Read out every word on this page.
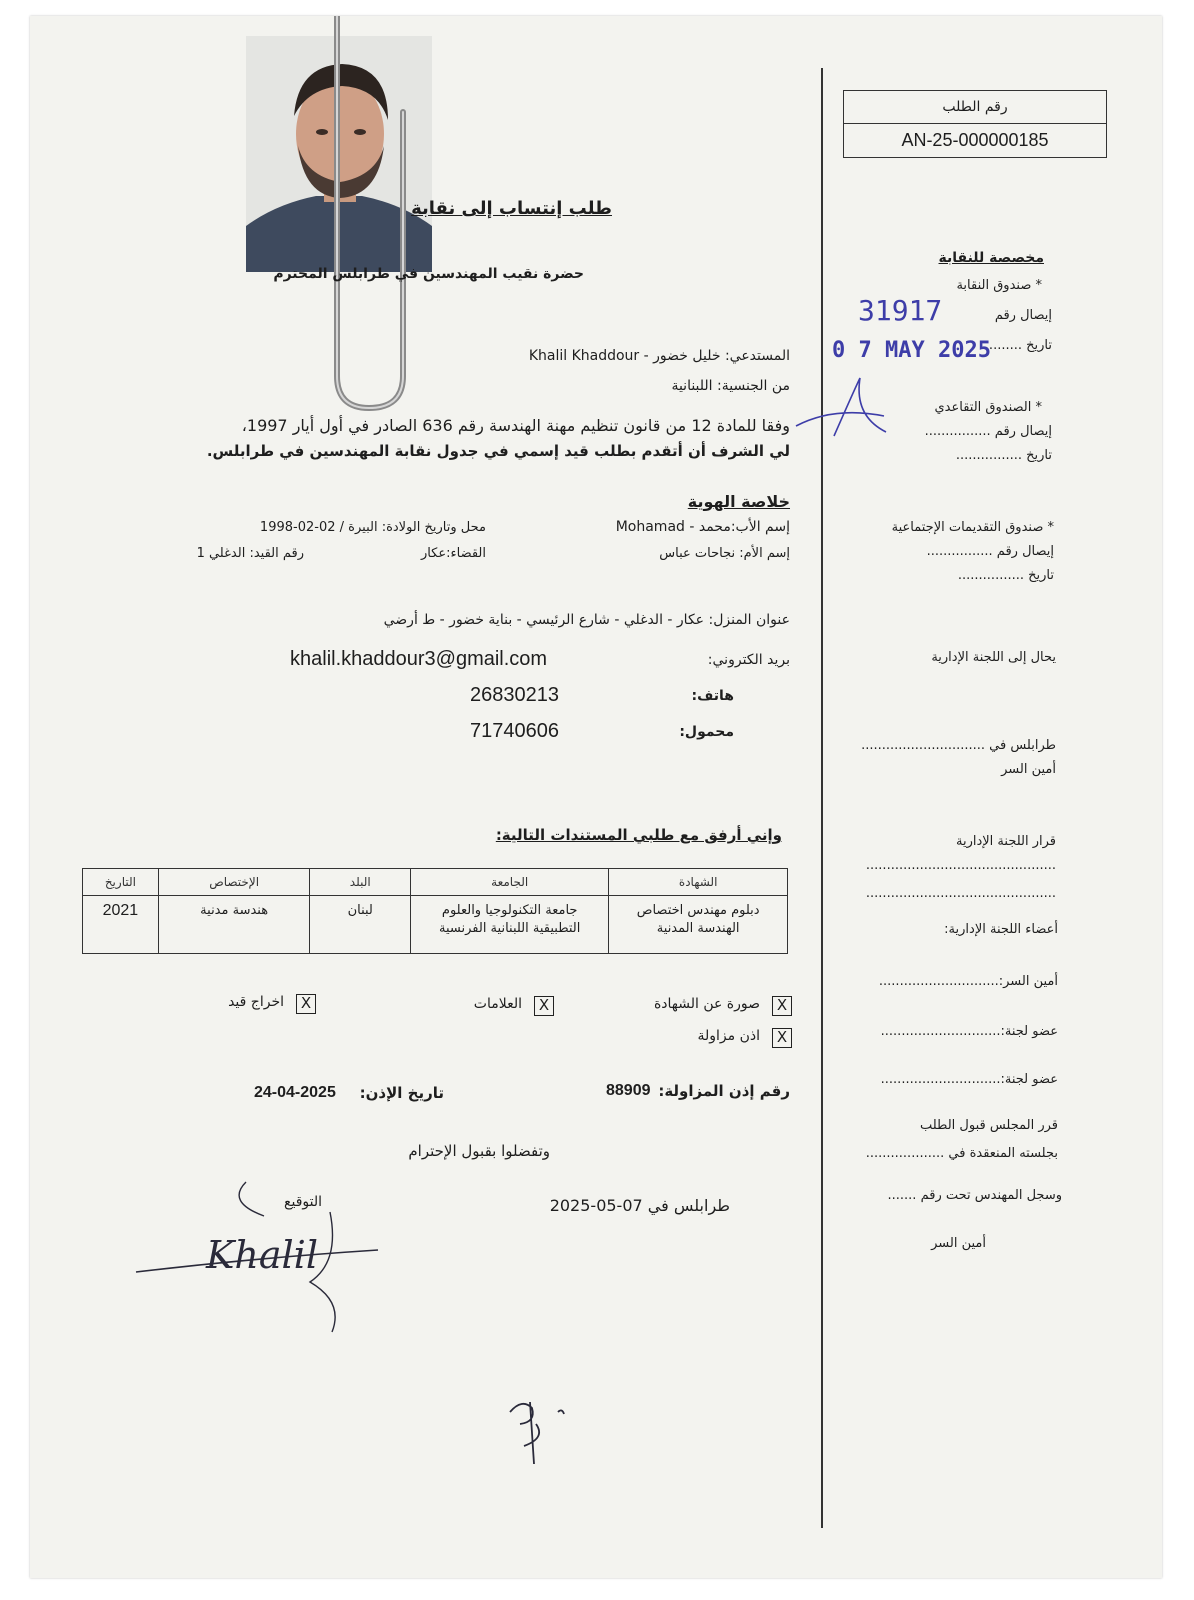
رقم الطلب
AN-25-000000185
طلب إنتساب إلى نقابة
حضرة نقيب المهندسين في طرابلس المحترم
المستدعي: خليل خضور - Khalil Khaddour
من الجنسية: اللبنانية
وفقا للمادة 12 من قانون تنظيم مهنة الهندسة رقم 636 الصادر في أول أيار 1997،
لي الشرف أن أتقدم بطلب قيد إسمي في جدول نقابة المهندسين في طرابلس.
خلاصة الهوية
إسم الأب:محمد - Mohamad
محل وتاريخ الولادة: البيرة / 02-02-1998
إسم الأم: نجاحات عباس
القضاء:عكار
رقم القيد: الدغلي 1
عنوان المنزل: عكار - الدغلي - شارع الرئيسي - بناية خضور - ط أرضي
بريد الكتروني:
khalil.khaddour3@gmail.com
هاتف:
26830213
محمول:
71740606
وإني أرفق مع طلبي المستندات التالية:
الشهادة	الجامعة	البلد	الإختصاص	التاريخ
دبلوم مهندس اختصاص
الهندسة المدنية	جامعة التكنولوجيا والعلوم
التطبيقية اللبنانية الفرنسية	لبنان	هندسة مدنية	2021
X
صورة عن الشهادة
X
العلامات
X
اخراج قيد
X
اذن مزاولة
رقم إذن المزاولة:
88909
تاريخ الإذن:
24-04-2025
وتفضلوا بقبول الإحترام
طرابلس في 07-05-2025
التوقيع
Khalil
مخصصة للنقابة
* صندوق النقابة
إيصال رقم
تاريخ ..........
31917
0 7 MAY 2025
* الصندوق التقاعدي
إيصال رقم ................
تاريخ ................
* صندوق التقديمات الإجتماعية
إيصال رقم ................
تاريخ ................
يحال إلى اللجنة الإدارية
طرابلس في ..............................
أمين السر
قرار اللجنة الإدارية
..............................................
..............................................
أعضاء اللجنة الإدارية:
أمين السر:.............................
عضو لجنة:.............................
عضو لجنة:.............................
قرر المجلس قبول الطلب
بجلسته المنعقدة في ...................
وسجل المهندس تحت رقم .......
أمين السر
